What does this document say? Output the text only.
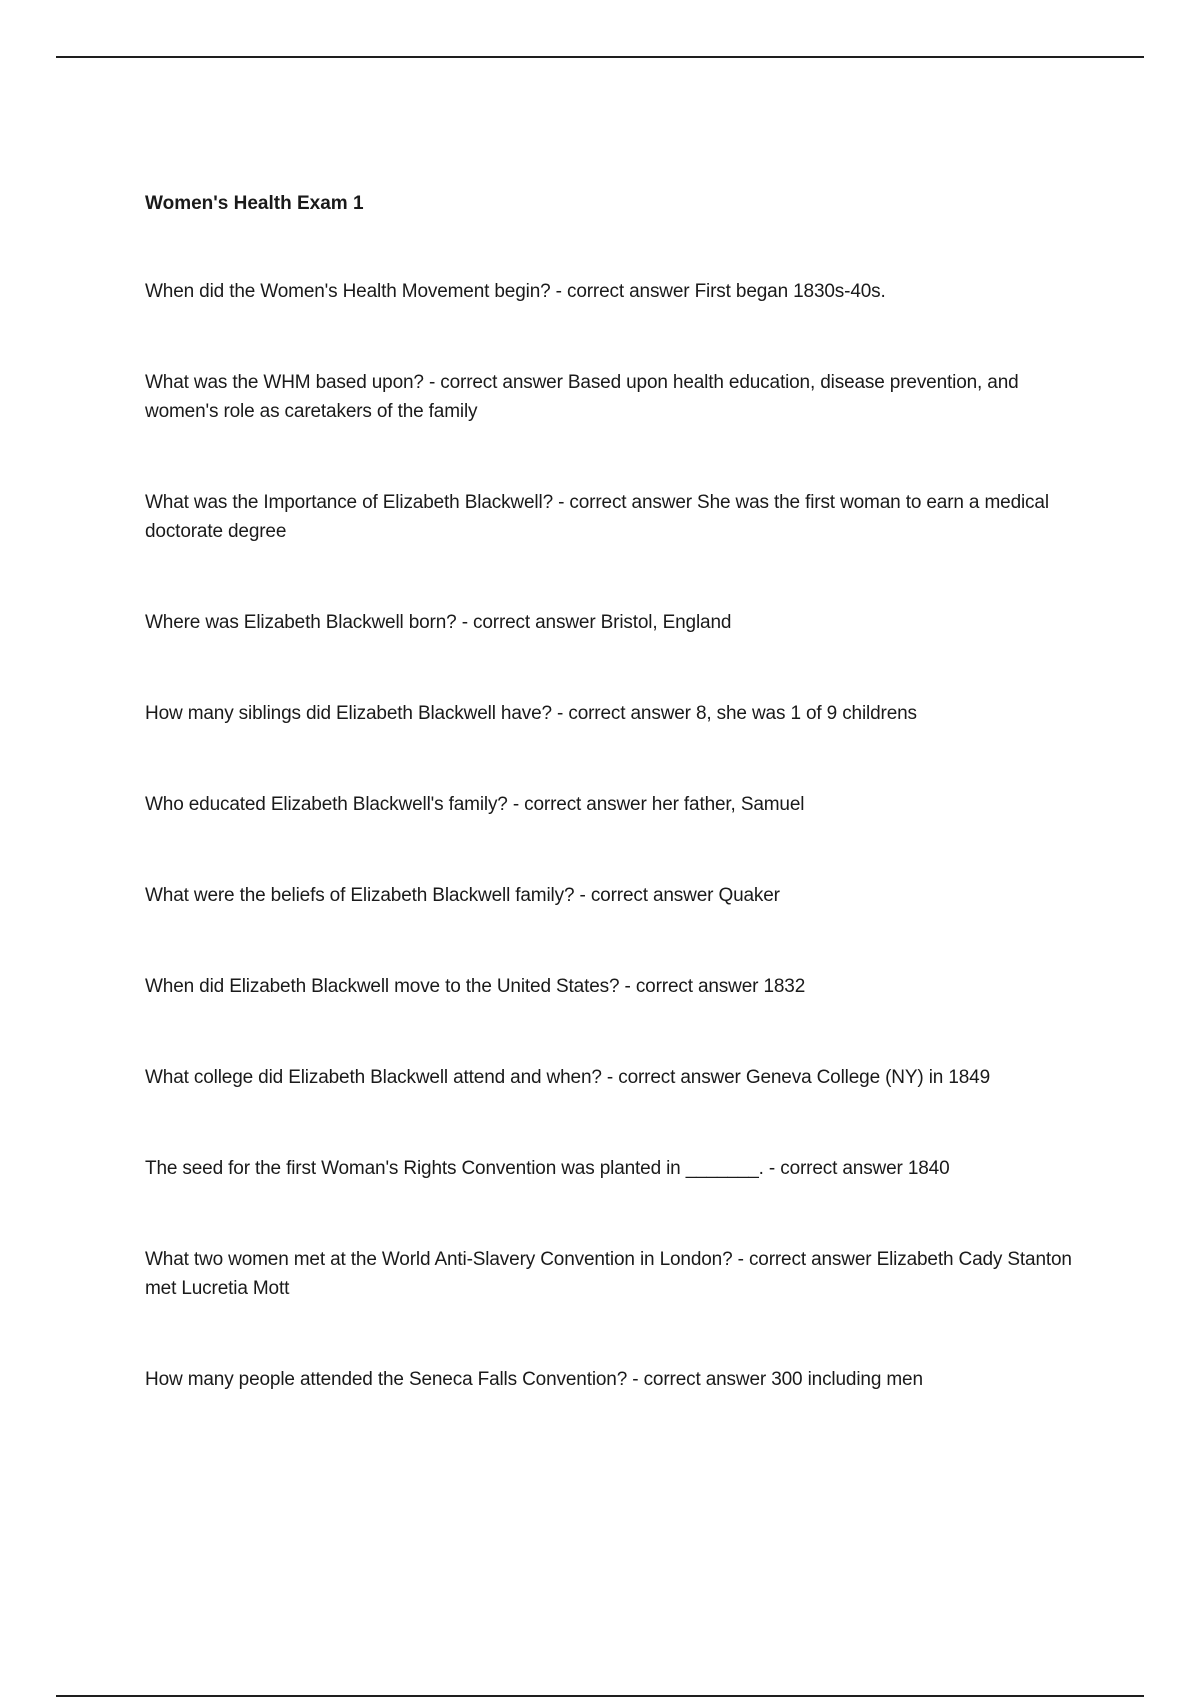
Women's Health Exam 1
When did the Women's Health Movement begin? - correct answer First began 1830s-40s.
What was the WHM based upon? - correct answer Based upon health education, disease prevention, and women's role as caretakers of the family
What was the Importance of Elizabeth Blackwell? - correct answer She was the first woman to earn a medical doctorate degree
Where was Elizabeth Blackwell born? - correct answer Bristol, England
How many siblings did Elizabeth Blackwell have? - correct answer 8, she was 1 of 9 childrens
Who educated Elizabeth Blackwell's family? - correct answer her father, Samuel
What were the beliefs of Elizabeth Blackwell family? - correct answer Quaker
When did Elizabeth Blackwell move to the United States? - correct answer 1832
What college did Elizabeth Blackwell attend and when? - correct answer Geneva College (NY) in 1849
The seed for the first Woman's Rights Convention was planted in _______. - correct answer 1840
What two women met at the World Anti-Slavery Convention in London? - correct answer Elizabeth Cady Stanton met Lucretia Mott
How many people attended the Seneca Falls Convention? - correct answer 300 including men
